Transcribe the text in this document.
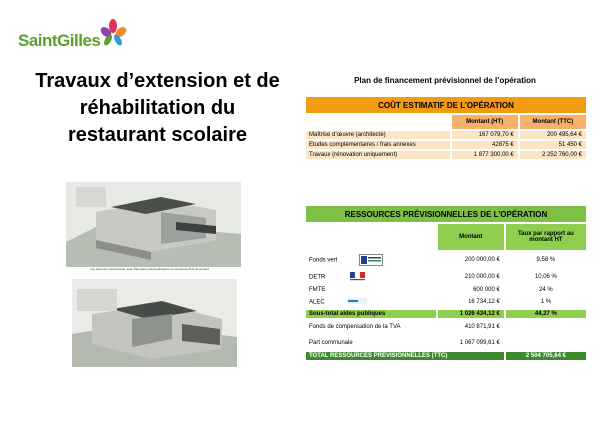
SaintGilles
Travaux d’extension et de réhabilitation du restaurant scolaire
Plan de financement prévisionnel de l’opération
Vue aérienne, Nord-Ouest, avec Panneaux photovoltaïques et couverture PLS au contact
COÛT ESTIMATIF DE L’OPÉRATION		
	Montant (HT)	Montant (TTC)
Maîtrise d’œuvre (architecte)	167 079,70 €	200 495,64 €
Etudes complémentaires / frais annexes	42875 €	51 450 €
Travaux (rénovation uniquement)	1 877 300,00 €	2 252 760,00 €
RESSOURCES PRÉVISIONNELLES DE L’OPÉRATION		
	Montant	Taux par rapport au montant HT
Fonds vert	200 000,00 €	9,58 %
DETR	210 000,00 €	10,06 %
FMTE	600 000 €	24 %
ALEC	16 734,12 €	1 %
Sous-total aides publiques	1 026 434,12 €	44,27 %
Fonds de compensation de la TVA	410 871,91 €	
Part communale	1 067 099,61 €	
TOTAL RESSOURCES PRÉVISIONNELLES (TTC)		2 504 705,64 €
